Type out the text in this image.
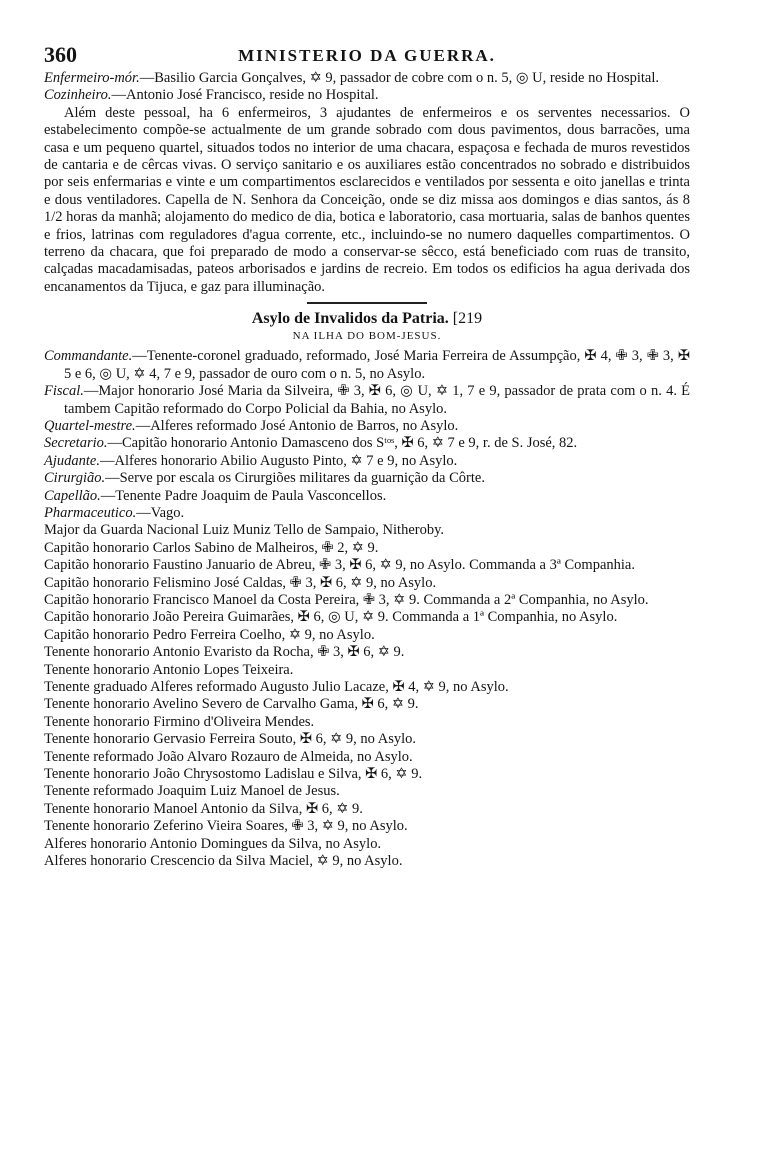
360	MINISTERIO DA GUERRA.

Enfermeiro-mór.—Basilio Garcia Gonçalves, ✡ 9, passador de cobre com o n. 5, ◎ U, reside no Hospital.

Cozinheiro.—Antonio José Francisco, reside no Hospital.

Além deste pessoal, ha 6 enfermeiros, 3 ajudantes de enfermeiros e os serventes necessarios. O estabelecimento compõe-se actualmente de um grande sobrado com dous pavimentos, dous barracões, uma casa e um pequeno quartel, situados todos no interior de uma chacara, espaçosa e fechada de muros revestidos de cantaria e de cêrcas vivas. O serviço sanitario e os auxiliares estão concentrados no sobrado e distribuidos por seis enfermarias e vinte e um compartimentos esclarecidos e ventilados por sessenta e oito janellas e trinta e dous ventiladores. Capella de N. Senhora da Conceição, onde se diz missa aos domingos e dias santos, ás 8 1/2 horas da manhã; alojamento do medico de dia, botica e laboratorio, casa mortuaria, salas de banhos quentes e frios, latrinas com reguladores d'agua corrente, etc., incluindo-se no numero daquelles compartimentos. O terreno da chacara, que foi preparado de modo a conservar-se sêcco, está beneficiado com ruas de transito, calçadas macadamisadas, pateos arborisados e jardins de recreio. Em todos os edificios ha agua derivada dos encanamentos da Tijuca, e gaz para illuminação.

Asylo de Invalidos da Patria. [219
NA ILHA DO BOM-JESUS.

Commandante.—Tenente-coronel graduado, reformado, José Maria Ferreira de Assumpção, ✠ 4, ✙ 3, ✙ 3, ✠ 5 e 6, ◎ U, ✡ 4, 7 e 9, passador de ouro com o n. 5, no Asylo.

Fiscal.—Major honorario José Maria da Silveira, ✙ 3, ✠ 6, ◎ U, ✡ 1, 7 e 9, passador de prata com o n. 4. É tambem Capitão reformado do Corpo Policial da Bahia, no Asylo.

Quartel-mestre.—Alferes reformado José Antonio de Barros, no Asylo.

Secretario.—Capitão honorario Antonio Damasceno dos Sᵗᵒˢ, ✠ 6, ✡ 7 e 9, r. de S. José, 82.

Ajudante.—Alferes honorario Abilio Augusto Pinto, ✡ 7 e 9, no Asylo.

Cirurgião.—Serve por escala os Cirurgiões militares da guarnição da Côrte.

Capellão.—Tenente Padre Joaquim de Paula Vasconcellos.

Pharmaceutico.—Vago.

Major da Guarda Nacional Luiz Muniz Tello de Sampaio, Nitheroby.

Capitão honorario Carlos Sabino de Malheiros, ✙ 2, ✡ 9.

Capitão honorario Faustino Januario de Abreu, ✙ 3, ✠ 6, ✡ 9, no Asylo. Commanda a 3ª Companhia.

Capitão honorario Felismino José Caldas, ✙ 3, ✠ 6, ✡ 9, no Asylo.

Capitão honorario Francisco Manoel da Costa Pereira, ✙ 3, ✡ 9. Commanda a 2ª Companhia, no Asylo.

Capitão honorario João Pereira Guimarães, ✠ 6, ◎ U, ✡ 9. Commanda a 1ª Companhia, no Asylo.

Capitão honorario Pedro Ferreira Coelho, ✡ 9, no Asylo.

Tenente honorario Antonio Evaristo da Rocha, ✙ 3, ✠ 6, ✡ 9.

Tenente honorario Antonio Lopes Teixeira.

Tenente graduado Alferes reformado Augusto Julio Lacaze, ✠ 4, ✡ 9, no Asylo.

Tenente honorario Avelino Severo de Carvalho Gama, ✠ 6, ✡ 9.

Tenente honorario Firmino d'Oliveira Mendes.

Tenente honorario Gervasio Ferreira Souto, ✠ 6, ✡ 9, no Asylo.

Tenente reformado João Alvaro Rozauro de Almeida, no Asylo.

Tenente honorario João Chrysostomo Ladislau e Silva, ✠ 6, ✡ 9.

Tenente reformado Joaquim Luiz Manoel de Jesus.

Tenente honorario Manoel Antonio da Silva, ✠ 6, ✡ 9.

Tenente honorario Zeferino Vieira Soares, ✙ 3, ✡ 9, no Asylo.

Alferes honorario Antonio Domingues da Silva, no Asylo.

Alferes honorario Crescencio da Silva Maciel, ✡ 9, no Asylo.
